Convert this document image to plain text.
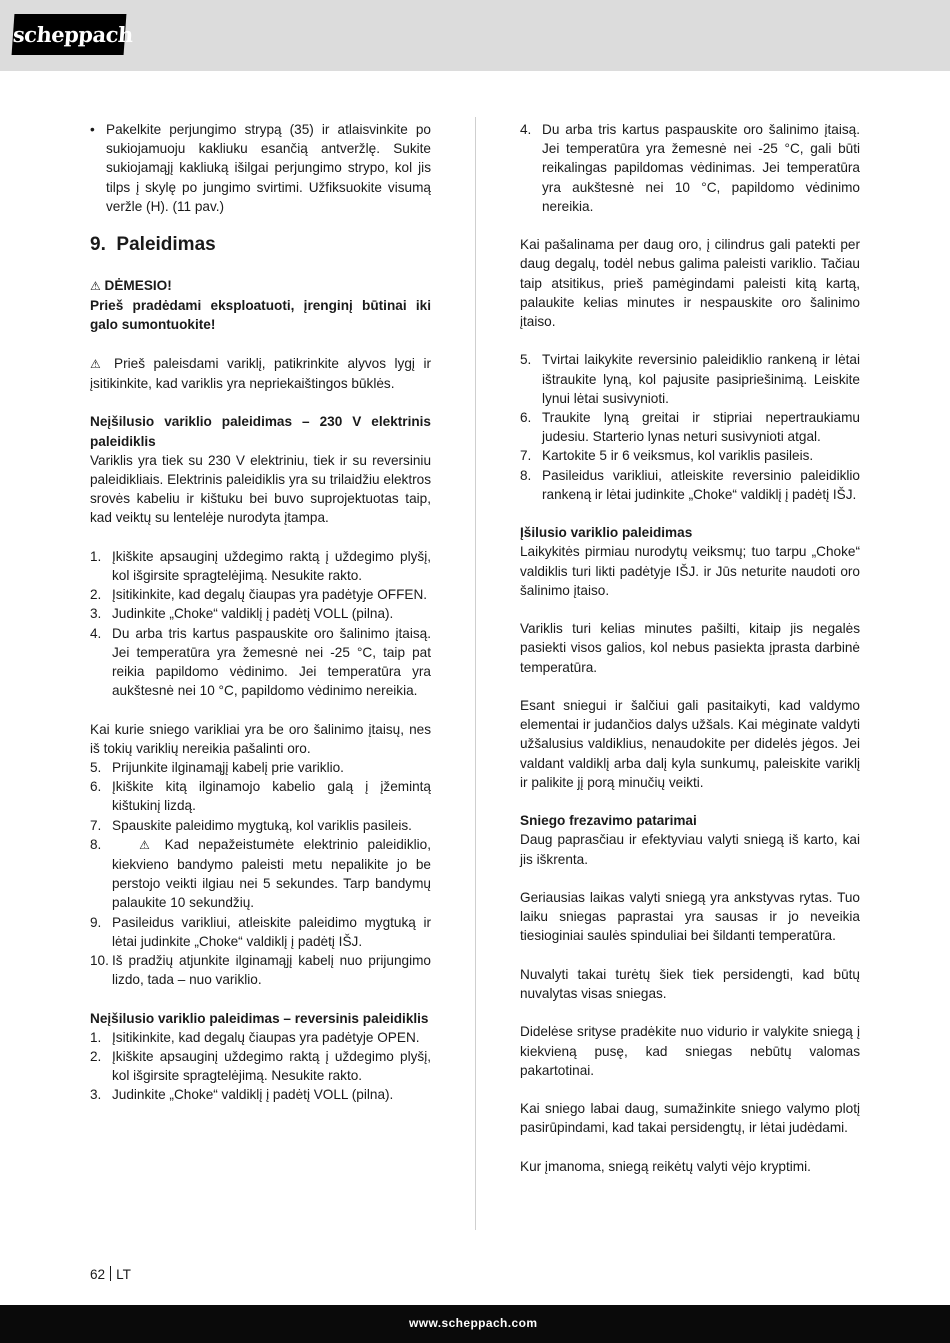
scheppach
• Pakelkite perjungimo strypą (35) ir atlaisvinkite po sukiojamuoju kakliuku esančią antveržlę. Sukite sukiojamąjį kakliuką išilgai perjungimo strypo, kol jis tilps į skylę po jungimo svirtimi. Užfiksuokite visumą veržle (H). (11 pav.)
9. Paleidimas

⚠ DĖMESIO!

Prieš pradėdami eksploatuoti, įrenginį būtinai iki galo sumontuokite!

⚠ Prieš paleisdami variklį, patikrinkite alyvos lygį ir įsitikinkite, kad variklis yra nepriekaištingos būklės.

Neįšilusio variklio paleidimas – 230 V elektrinis paleidiklis

Variklis yra tiek su 230 V elektriniu, tiek ir su reversiniu paleidikliais. Elektrinis paleidiklis yra su trilaidžiu elektros srovės kabeliu ir kištuku bei buvo suprojektuotas taip, kad veiktų su lentelėje nurodyta įtampa.

1. Įkiškite apsauginį uždegimo raktą į uždegimo plyšį, kol išgirsite spragtelėjimą. Nesukite rakto.
2. Įsitikinkite, kad degalų čiaupas yra padėtyje OFFEN.
3. Judinkite „Choke“ valdiklį į padėtį VOLL (pilna).
4. Du arba tris kartus paspauskite oro šalinimo įtaisą. Jei temperatūra yra žemesnė nei -25 °C, taip pat reikia papildomo vėdinimo. Jei temperatūra yra aukštesnė nei 10 °C, papildomo vėdinimo nereikia.

Kai kurie sniego varikliai yra be oro šalinimo įtaisų, nes iš tokių variklių nereikia pašalinti oro.

5. Prijunkite ilginamąjį kabelį prie variklio.
6. Įkiškite kitą ilginamojo kabelio galą į įžemintą kištukinį lizdą.
7. Spauskite paleidimo mygtuką, kol variklis pasileis.
8. ⚠ Kad nepažeistumėte elektrinio paleidiklio, kiekvieno bandymo paleisti metu nepalikite jo be perstojo veikti ilgiau nei 5 sekundes. Tarp bandymų palaukite 10 sekundžių.
9. Pasileidus varikliui, atleiskite paleidimo mygtuką ir lėtai judinkite „Choke“ valdiklį į padėtį IŠJ.
10. Iš pradžių atjunkite ilginamąjį kabelį nuo prijungimo lizdo, tada – nuo variklio.

Neįšilusio variklio paleidimas – reversinis paleidiklis

1. Įsitikinkite, kad degalų čiaupas yra padėtyje OPEN.
2. Įkiškite apsauginį uždegimo raktą į uždegimo plyšį, kol išgirsite spragtelėjimą. Nesukite rakto.
3. Judinkite „Choke“ valdiklį į padėtį VOLL (pilna).
4. Du arba tris kartus paspauskite oro šalinimo įtaisą. Jei temperatūra yra žemesnė nei -25 °C, gali būti reikalingas papildomas vėdinimas. Jei temperatūra yra aukštesnė nei 10 °C, papildomo vėdinimo nereikia.

Kai pašalinama per daug oro, į cilindrus gali patekti per daug degalų, todėl nebus galima paleisti variklio. Tačiau taip atsitikus, prieš pamėgindami paleisti kitą kartą, palaukite kelias minutes ir nespauskite oro šalinimo įtaiso.

5. Tvirtai laikykite reversinio paleidiklio rankeną ir lėtai ištraukite lyną, kol pajusite pasipriešinimą. Leiskite lynui lėtai susivynioti.
6. Traukite lyną greitai ir stipriai nepertraukiamu judesiu. Starterio lynas neturi susivynioti atgal.
7. Kartokite 5 ir 6 veiksmus, kol variklis pasileis.
8. Pasileidus varikliui, atleiskite reversinio paleidiklio rankeną ir lėtai judinkite „Choke“ valdiklį į padėtį IŠJ.

Įšilusio variklio paleidimas

Laikykitės pirmiau nurodytų veiksmų; tuo tarpu „Choke“ valdiklis turi likti padėtyje IŠJ. ir Jūs neturite naudoti oro šalinimo įtaiso.

Variklis turi kelias minutes pašilti, kitaip jis negalės pasiekti visos galios, kol nebus pasiekta įprasta darbinė temperatūra.

Esant sniegui ir šalčiui gali pasitaikyti, kad valdymo elementai ir judančios dalys užšals. Kai mėginate valdyti užšalusius valdiklius, nenaudokite per didelės jėgos. Jei valdant valdiklį arba dalį kyla sunkumų, paleiskite variklį ir palikite jį porą minučių veikti.

Sniego frezavimo patarimai

Daug paprasčiau ir efektyviau valyti sniegą iš karto, kai jis iškrenta.

Geriausias laikas valyti sniegą yra ankstyvas rytas. Tuo laiku sniegas paprastai yra sausas ir jo neveikia tiesioginiai saulės spinduliai bei šildanti temperatūra.

Nuvalyti takai turėtų šiek tiek persidengti, kad būtų nuvalytas visas sniegas.

Didelėse srityse pradėkite nuo vidurio ir valykite sniegą į kiekvieną pusę, kad sniegas nebūtų valomas pakartotinai.

Kai sniego labai daug, sumažinkite sniego valymo plotį pasirūpindami, kad takai persidengtų, ir lėtai judėdami.

Kur įmanoma, sniegą reikėtų valyti vėjo kryptimi.

62 LT
www.scheppach.com
